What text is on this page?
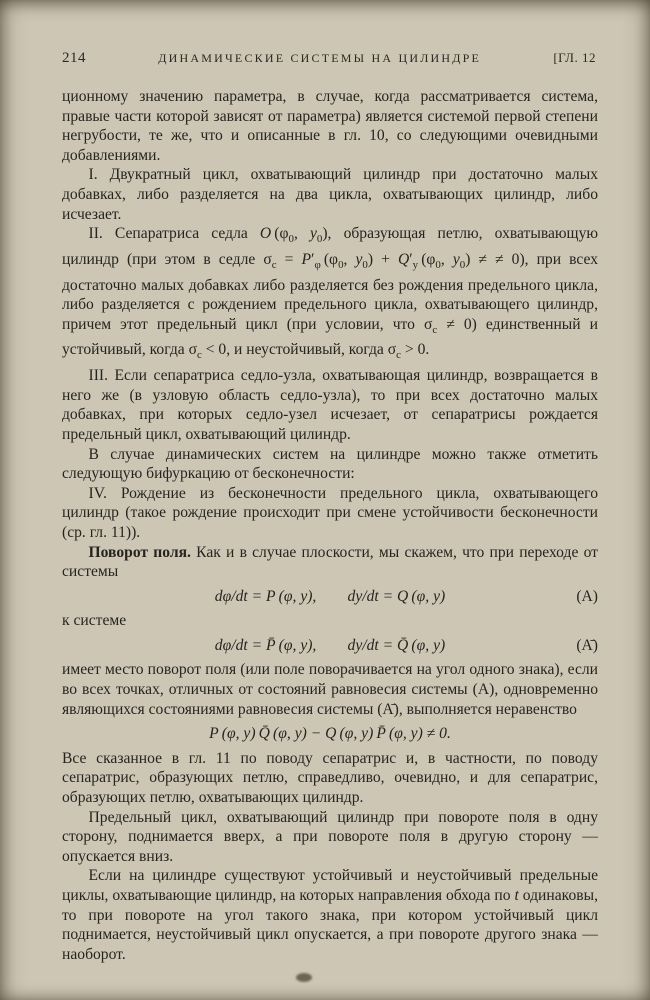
214	ДИНАМИЧЕСКИЕ СИСТЕМЫ НА ЦИЛИНДРЕ	[ГЛ. 12

ционному значению параметра, в случае, когда рассматривается система, правые части которой зависят от параметра) является системой первой степени негрубости, те же, что и описанные в гл. 10, со следующими очевидными добавлениями.

I. Двукратный цикл, охватывающий цилиндр при достаточно малых добавках, либо разделяется на два цикла, охватывающих цилиндр, либо исчезает.

II. Сепаратриса седла O ($\varphi_0$, $y_0$), образующая петлю, охватывающую цилиндр (при этом в седле $\sigma_c = P'_\varphi$ ($\varphi_0$, $y_0) + Q'_y$ ($\varphi_0$, $y_0$) ≠ ≠ 0), при всех достаточно малых добавках либо разделяется без рождения предельного цикла, либо разделяется с рождением предельного цикла, охватывающего цилиндр, причем этот предельный цикл (при условии, что $\sigma_c \ne 0$) единственный и устойчивый, когда $\sigma_c < 0$, и неустойчивый, когда $\sigma_c > 0$.

III. Если сепаратриса седло-узла, охватывающая цилиндр, возвращается в него же (в узловую область седло-узла), то при всех достаточно малых добавках, при которых седло-узел исчезает, от сепаратрисы рождается предельный цикл, охватывающий цилиндр.

В случае динамических систем на цилиндре можно также отметить следующую бифуркацию от бесконечности:

IV. Рождение из бесконечности предельного цикла, охватывающего цилиндр (такое рождение происходит при смене устойчивости бесконечности (ср. гл. 11)).

Поворот поля. Как и в случае плоскости, мы скажем, что при переходе от системы

dφ/dt = P (φ, y),  dy/dt = Q (φ, y)	(А)

к системе

dφ/dt = P̄ (φ, y),  dy/dt = Q̄ (φ, y)	(А̄)

имеет место поворот поля (или поле поворачивается на угол одного знака), если во всех точках, отличных от состояний равновесия системы (А), одновременно являющихся состояниями равновесия системы (А̄), выполняется неравенство

P (φ, y) Q̄ (φ, y) − Q (φ, y) P̄ (φ, y) ≠ 0.

Все сказанное в гл. 11 по поводу сепаратрис и, в частности, по поводу сепаратрис, образующих петлю, справедливо, очевидно, и для сепаратрис, образующих петлю, охватывающих цилиндр.

Предельный цикл, охватывающий цилиндр при повороте поля в одну сторону, поднимается вверх, а при повороте поля в другую сторону — опускается вниз.

Если на цилиндре существуют устойчивый и неустойчивый предельные циклы, охватывающие цилиндр, на которых направления обхода по t одинаковы, то при повороте на угол такого знака, при котором устойчивый цикл поднимается, неустойчивый цикл опускается, а при повороте другого знака — наоборот.
